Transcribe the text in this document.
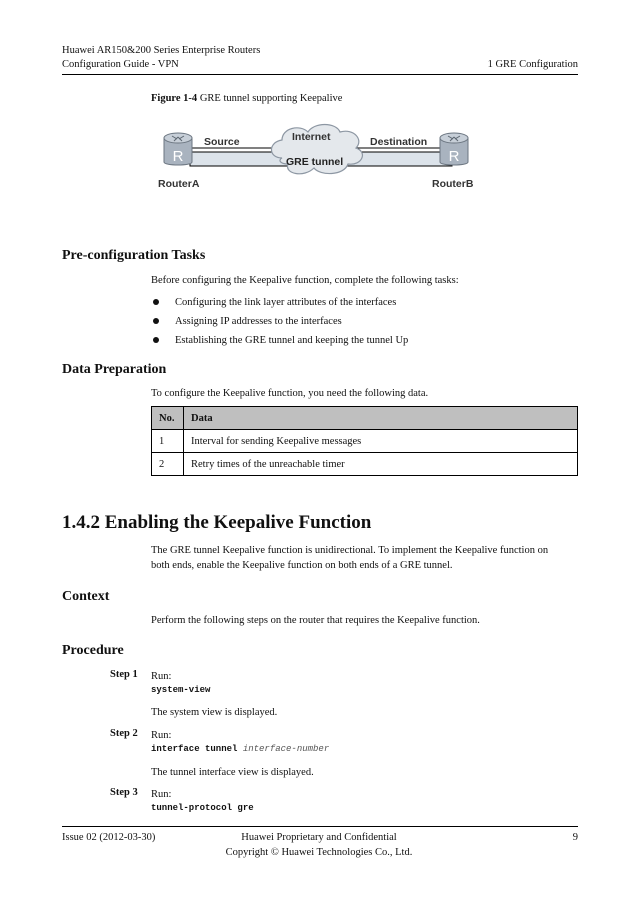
Huawei AR150&200 Series Enterprise Routers
Configuration Guide - VPN	1 GRE Configuration
Figure 1-4 GRE tunnel supporting Keepalive
R	R
Source	Internet	Destination
GRE tunnel
RouterA	RouterB
Pre-configuration Tasks
Before configuring the Keepalive function, complete the following tasks:
Configuring the link layer attributes of the interfaces
Assigning IP addresses to the interfaces
Establishing the GRE tunnel and keeping the tunnel Up
Data Preparation
To configure the Keepalive function, you need the following data.
No.	Data
1	Interval for sending Keepalive messages
2	Retry times of the unreachable timer
1.4.2 Enabling the Keepalive Function
The GRE tunnel Keepalive function is unidirectional. To implement the Keepalive function on
both ends, enable the Keepalive function on both ends of a GRE tunnel.
Context
Perform the following steps on the router that requires the Keepalive function.
Procedure
Step 1 Run:
system-view
The system view is displayed.
Step 2 Run:
interface tunnel interface-number
The tunnel interface view is displayed.
Step 3 Run:
tunnel-protocol gre
Issue 02 (2012-03-30)	Huawei Proprietary and Confidential
Copyright © Huawei Technologies Co., Ltd.
9
